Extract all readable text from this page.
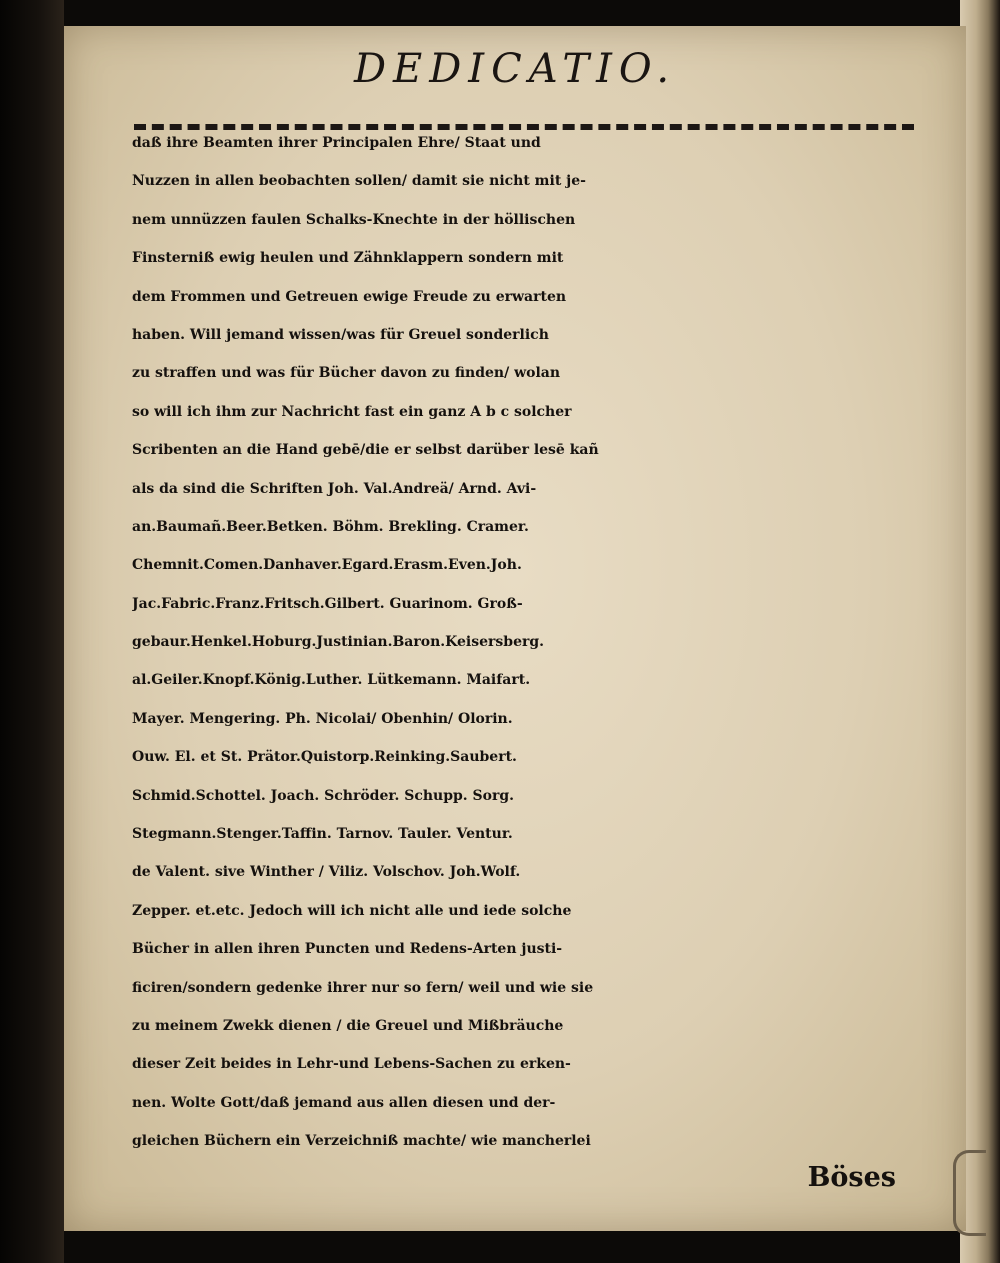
DEDICATIO.
daß ihre Beamten ihrer Principalen Ehre/ Staat und
Nuzzen in allen beobachten sollen/ damit sie nicht mit je-
nem unnüzzen faulen Schalks-Knechte in der höllischen
Finsterniß ewig heulen und Zähnklappern sondern mit
dem Frommen und Getreuen ewige Freude zu erwarten
haben. Will jemand wissen/was für Greuel sonderlich
zu straffen und was für Bücher davon zu finden/ wolan
so will ich ihm zur Nachricht fast ein ganz A b c solcher
Scribenten an die Hand gebē/die er selbst darüber lesē kañ
als da sind die Schriften Joh. Val.Andreä/ Arnd. Avi-
an.Baumañ.Beer.Betken. Böhm. Brekling. Cramer.
Chemnit.Comen.Danhaver.Egard.Erasm.Even.Joh.
Jac.Fabric.Franz.Fritsch.Gilbert. Guarinom. Groß-
gebaur.Henkel.Hoburg.Justinian.Baron.Keisersberg.
al.Geiler.Knopf.König.Luther. Lütkemann. Maifart.
Mayer. Mengering. Ph. Nicolai/ Obenhin/ Olorin.
Ouw. El. et St. Prätor.Quistorp.Reinking.Saubert.
Schmid.Schottel. Joach. Schröder. Schupp. Sorg.
Stegmann.Stenger.Taffin. Tarnov. Tauler. Ventur.
de Valent. sive Winther / Viliz. Volschov. Joh.Wolf.
Zepper. et.etc. Jedoch will ich nicht alle und iede solche
Bücher in allen ihren Puncten und Redens-Arten justi-
ficiren/sondern gedenke ihrer nur so fern/ weil und wie sie
zu meinem Zwekk dienen / die Greuel und Mißbräuche
dieser Zeit beides in Lehr-und Lebens-Sachen zu erken-
nen. Wolte Gott/daß jemand aus allen diesen und der-
gleichen Büchern ein Verzeichniß machte/ wie mancherlei
Böses
